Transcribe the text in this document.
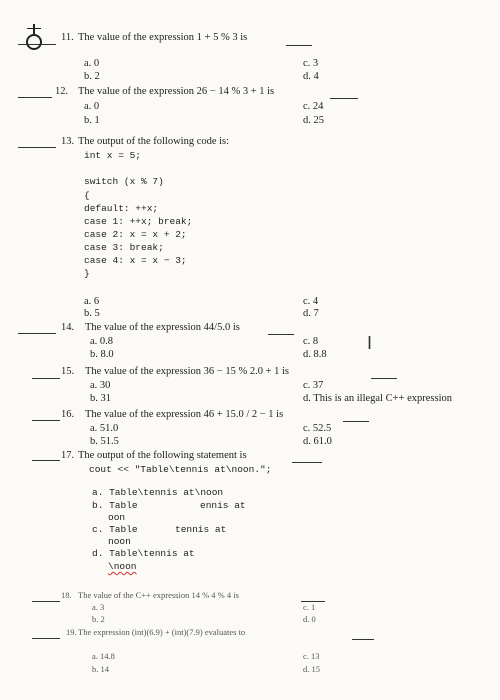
11. The value of the expression 1 + 5 % 3 is
a. 0
b. 2
c. 3
d. 4
12. The value of the expression 26 − 14 % 3 + 1 is
a. 0
b. 1
c. 24
d. 25
13. The output of the following code is:
int x = 5;
switch (x % 7)
{
default: ++x;
case 1: ++x; break;
case 2: x = x + 2;
case 3: break;
case 4: x = x − 3;
}
a. 6
b. 5
c. 4
d. 7
14. The value of the expression 44/5.0 is
a. 0.8
b. 8.0
c. 8
d. 8.8
I
15. The value of the expression 36 − 15 % 2.0 + 1 is
a. 30
b. 31
c. 37
d. This is an illegal C++ expression
16. The value of the expression 46 + 15.0 / 2 − 1 is
a. 51.0
b. 51.5
c. 52.5
d. 61.0
17. The output of the following statement is
cout << "Table\tennis at\noon.";
a. Table\tennis at\noon
b. Table	ennis at
oon
c. Table	tennis at
noon
d. Table\tennis at
\noon
18. The value of the C++ expression 14 % 4 % 4 is
a. 3
b. 2
c. 1
d. 0
19. The expression (int)(6.9) + (int)(7.9) evaluates to
a. 14.8
b. 14
c. 13
d. 15
